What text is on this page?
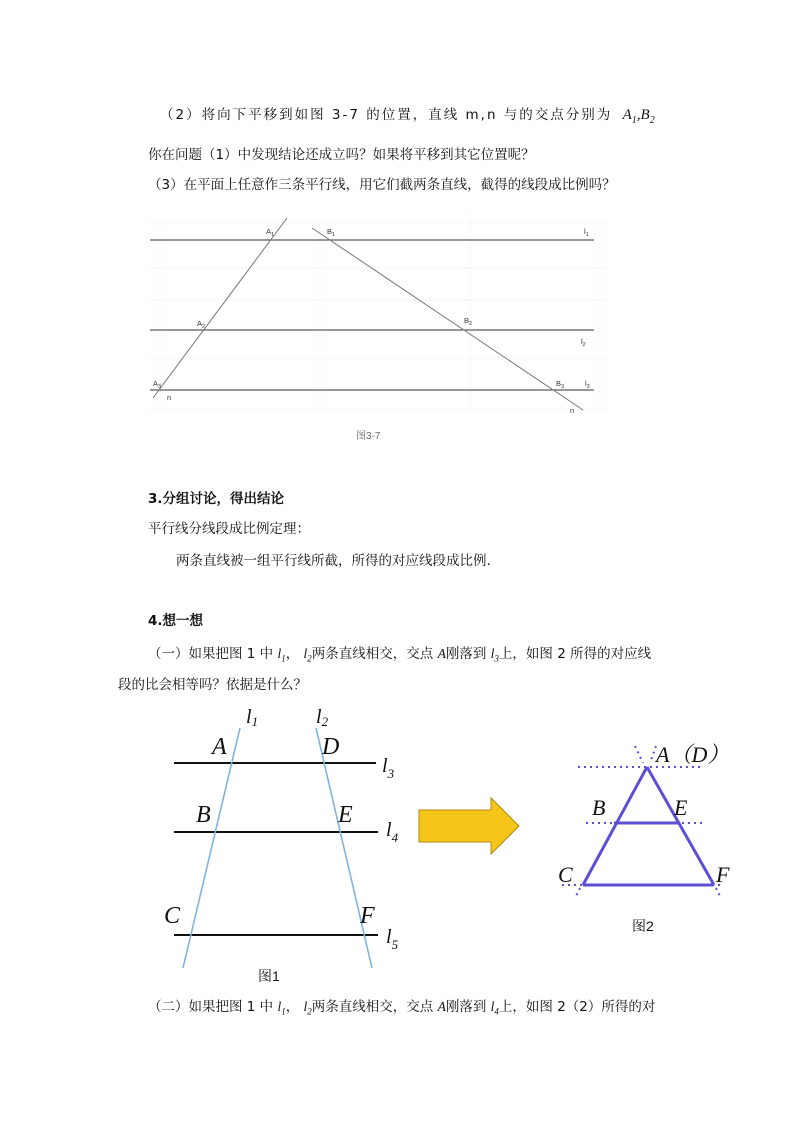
（2）将向下平移到如图 3-7 的位置，直线 m,n 与的交点分别为 $A_1,B_2$
你在问题（1）中发现结论还成立吗？如果将平移到其它位置呢？
（3）在平面上任意作三条平行线，用它们截两条直线，截得的线段成比例吗？
$A_1$	$B_1$	$l_1$
$A_2$
$B_2$
$l_2$
$A_3$	$B_3$	$l_3$
n
n
图3-7
3.分组讨论，得出结论
平行线分线段成比例定理：
两条直线被一组平行线所截，所得的对应线段成比例.
4.想一想
（一）如果把图 1 中 $l_1$， $l_2$两条直线相交，交点 A刚落到 $l_3$上，如图 2 所得的对应线
段的比会相等吗？依据是什么？
A	D
B	E
C	F
l1	l2
$l_3$
$l_4$
$l_5$
A（D）
B	E
C	F
图1
图2
（二）如果把图 1 中 $l_1$， $l_2$两条直线相交，交点 A刚落到 $l_4$上，如图 2（2）所得的对
